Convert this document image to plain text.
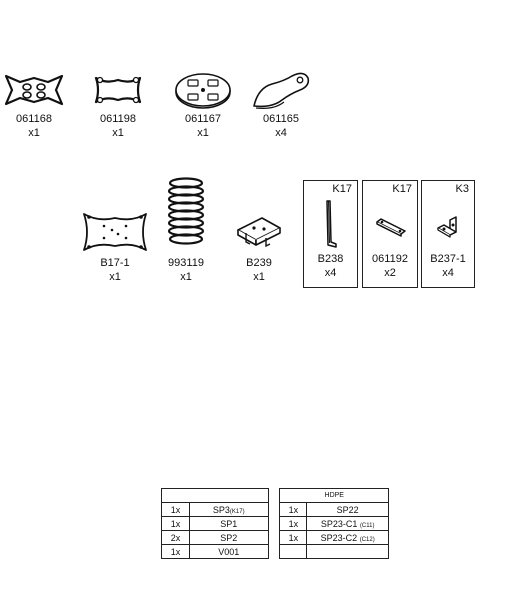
061168
x1
061198
x1
061167
x1
061165
x4
B17-1
x1
993119
x1
B239
x1
K17
B238
x4
K17
061192
x2
K3
B237-1
x4
			HDPE	
1x	SP3(K17)		1x	SP22
1x	SP1		1x	SP23-C1 (C11)
2x	SP2		1x	SP23-C2 (C12)
1x	V001			
